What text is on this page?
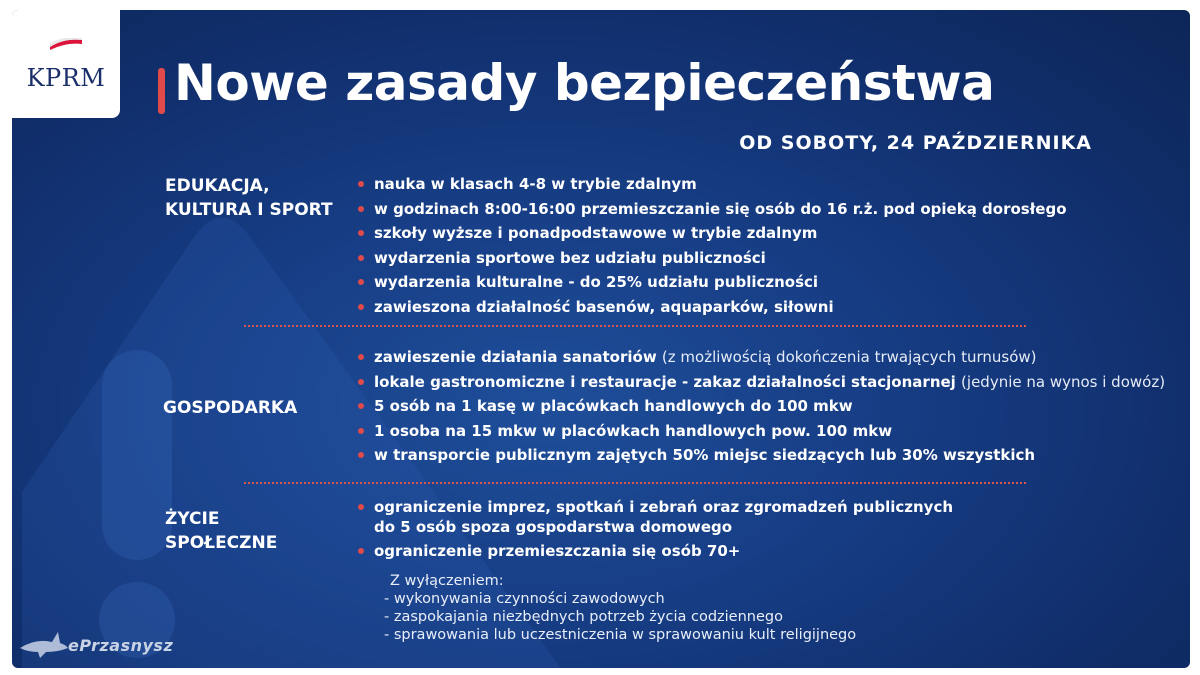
KPRM Nowe zasady bezpieczeństwa
OD SOBOTY, 24 PAŹDZIERNIKA
EDUKACJA,
KULTURA I SPORT
nauka w klasach 4-8 w trybie zdalnym
w godzinach 8:00-16:00 przemieszczanie się osób do 16 r.ż. pod opieką dorosłego
szkoły wyższe i ponadpodstawowe w trybie zdalnym
wydarzenia sportowe bez udziału publiczności
wydarzenia kulturalne - do 25% udziału publiczności
zawieszona działalność basenów, aquaparków, siłowni
GOSPODARKA
zawieszenie działania sanatoriów (z możliwością dokończenia trwających turnusów)
lokale gastronomiczne i restauracje - zakaz działalności stacjonarnej (jedynie na wynos i dowóz)
5 osób na 1 kasę w placówkach handlowych do 100 mkw
1 osoba na 15 mkw w placówkach handlowych pow. 100 mkw
w transporcie publicznym zajętych 50% miejsc siedzących lub 30% wszystkich
ŻYCIE
SPOŁECZNE
ograniczenie imprez, spotkań i zebrań oraz zgromadzeń publicznych
do 5 osób spoza gospodarstwa domowego
ograniczenie przemieszczania się osób 70+
Z wyłączeniem:
- wykonywania czynności zawodowych
- zaspokajania niezbędnych potrzeb życia codziennego
- sprawowania lub uczestniczenia w sprawowaniu kult religijnego
ePrzasnysz
